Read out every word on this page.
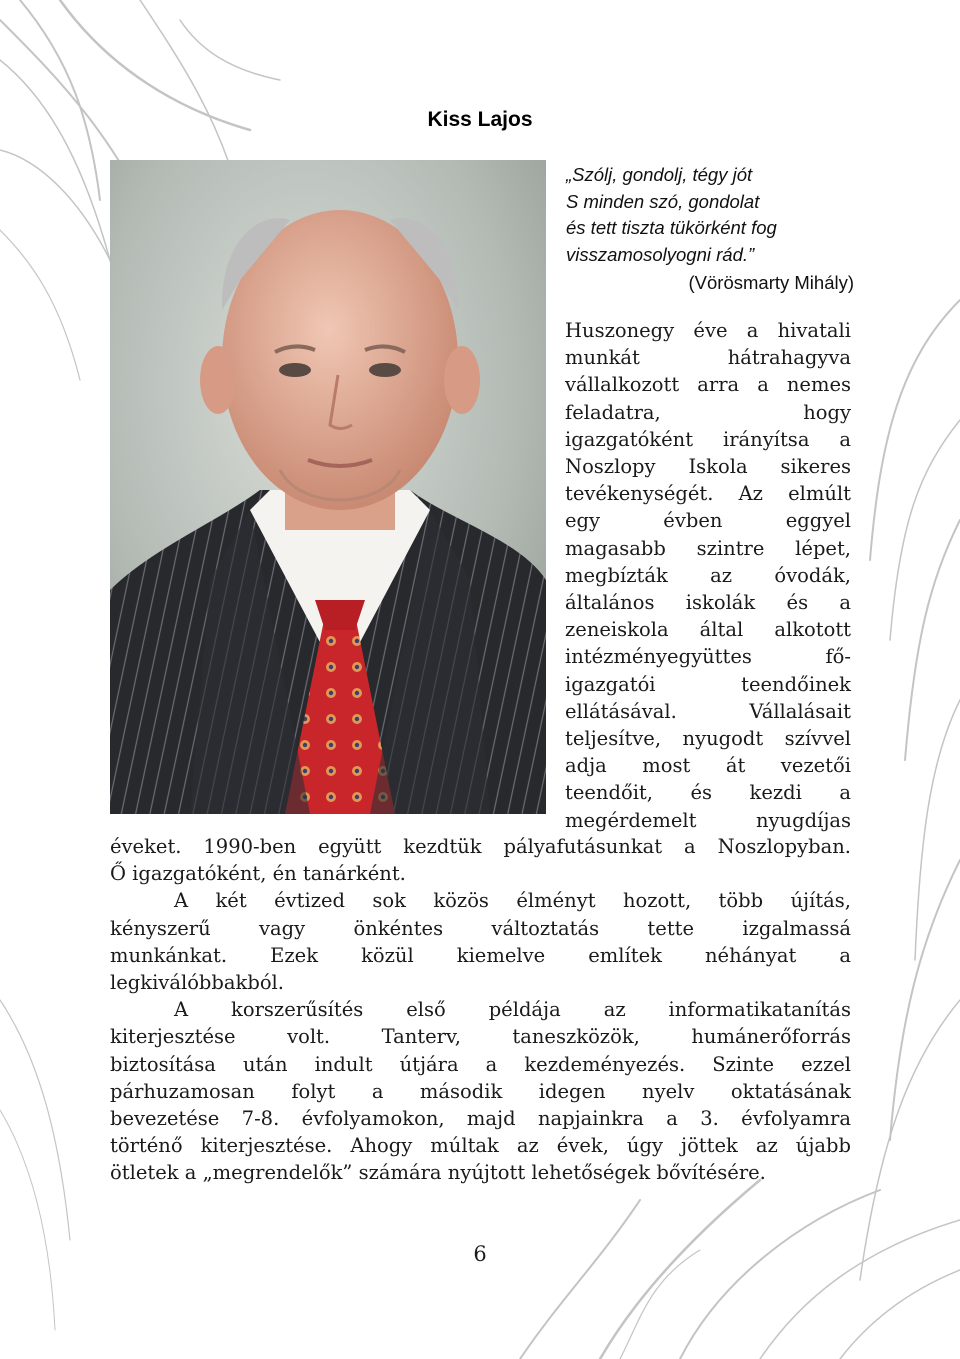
Kiss Lajos
„Szólj, gondolj, tégy jót
S minden szó, gondolat
és tett tiszta tükörként fog
visszamosolyogni rád.”
(Vörösmarty Mihály)
Huszonegy éve a hivatali
munkát hátrahagyva
vállalkozott arra a nemes
feladatra, hogy
igazgatóként irányítsa a
Noszlopy Iskola sikeres
tevékenységét. Az elmúlt
egy évben eggyel
magasabb szintre lépet,
megbízták az óvodák,
általános iskolák és a
zeneiskola által alkotott
intézményegyüttes fő-
igazgatói teendőinek
ellátásával. Vállalásait
teljesítve, nyugodt szívvel
adja most át vezetői
teendőit, és kezdi a
megérdemelt nyugdíjas
éveket. 1990-ben együtt kezdtük pályafutásunkat a Noszlopyban.
Ő igazgatóként, én tanárként.
A két évtized sok közös élményt hozott, több újítás,
kényszerű vagy önkéntes változtatás tette izgalmassá
munkánkat. Ezek közül kiemelve említek néhányat a
legkiválóbbakból.
A korszerűsítés első példája az informatikatanítás
kiterjesztése volt. Tanterv, taneszközök, humánerőforrás
biztosítása után indult útjára a kezdeményezés. Szinte ezzel
párhuzamosan folyt a második idegen nyelv oktatásának
bevezetése 7-8. évfolyamokon, majd napjainkra a 3. évfolyamra
történő kiterjesztése. Ahogy múltak az évek, úgy jöttek az újabb
ötletek a „megrendelők” számára nyújtott lehetőségek bővítésére.
6
